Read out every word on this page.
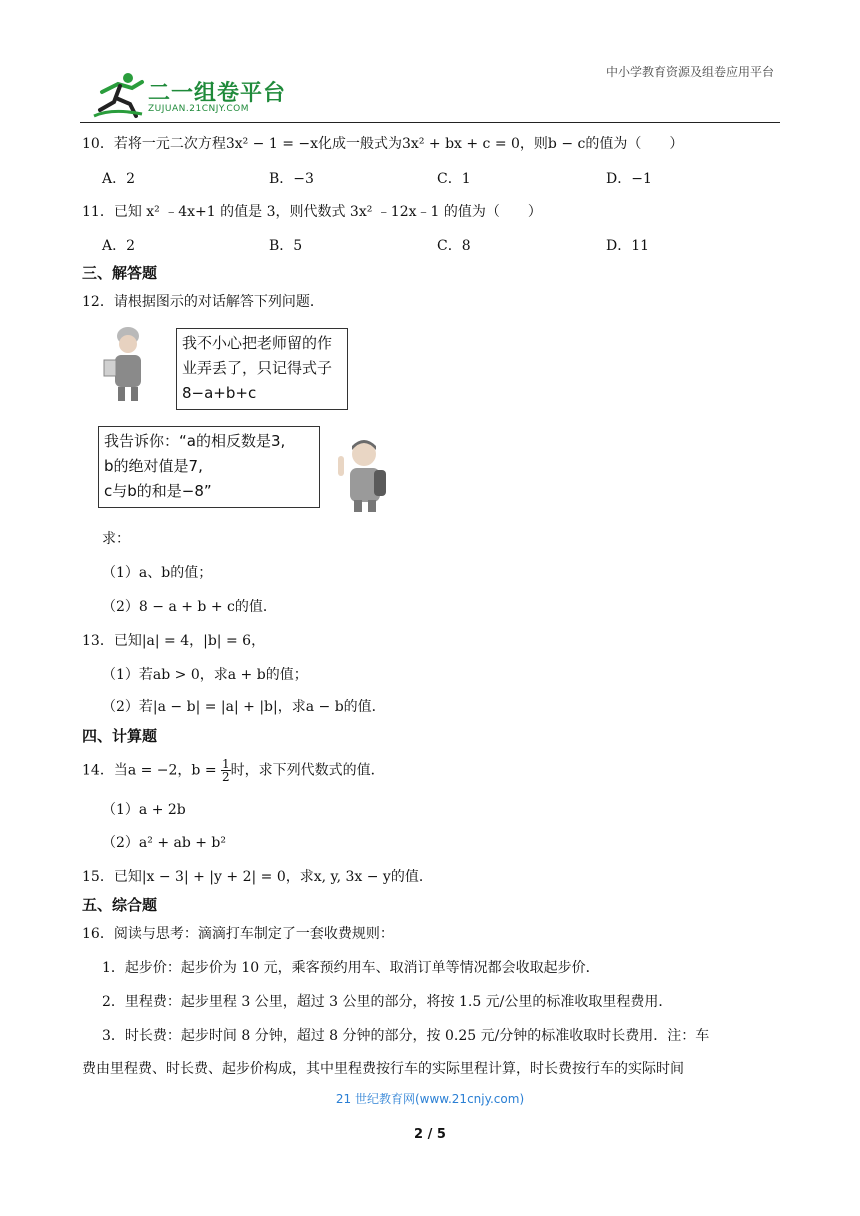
中小学教育资源及组卷应用平台
二一组卷平台
ZUJUAN.21CNJY.COM
10．若将一元二次方程3x² − 1 = −x化成一般式为3x² + bx + c = 0，则b − c的值为（　　）
A．2	B．−3	C．1	D．−1
11．已知 x² ﹣4x+1 的值是 3，则代数式 3x² ﹣12x﹣1 的值为（　　）
A．2	B．5	C．8	D．11
三、解答题
12．请根据图示的对话解答下列问题．
我不小心把老师留的作业弄丢了，只记得式子8−a+b+c
我告诉你：“a的相反数是3,
b的绝对值是7,
c与b的和是−8”
求：
（1）a、b的值；
（2）8 − a + b + c的值．
13．已知|a| = 4，|b| = 6，
（1）若ab > 0，求a + b的值；
（2）若|a − b| = |a| + |b|，求a − b的值．
四、计算题
14．当a = −2，$b = \frac{1}{2}$ 时，求下列代数式的值．
（1）a + 2b
（2）a² + ab + b²
15．已知|x − 3| + |y + 2| = 0，求x, y, 3x − y的值．
五、综合题
16．阅读与思考：滴滴打车制定了一套收费规则：
1．起步价：起步价为 10 元，乘客预约用车、取消订单等情况都会收取起步价．
2．里程费：起步里程 3 公里，超过 3 公里的部分，将按 1.5 元/公里的标准收取里程费用．
3．时长费：起步时间 8 分钟，超过 8 分钟的部分，按 0.25 元/分钟的标准收取时长费用．注：车
费由里程费、时长费、起步价构成，其中里程费按行车的实际里程计算，时长费按行车的实际时间
21 世纪教育网(www.21cnjy.com)
2 / 5
